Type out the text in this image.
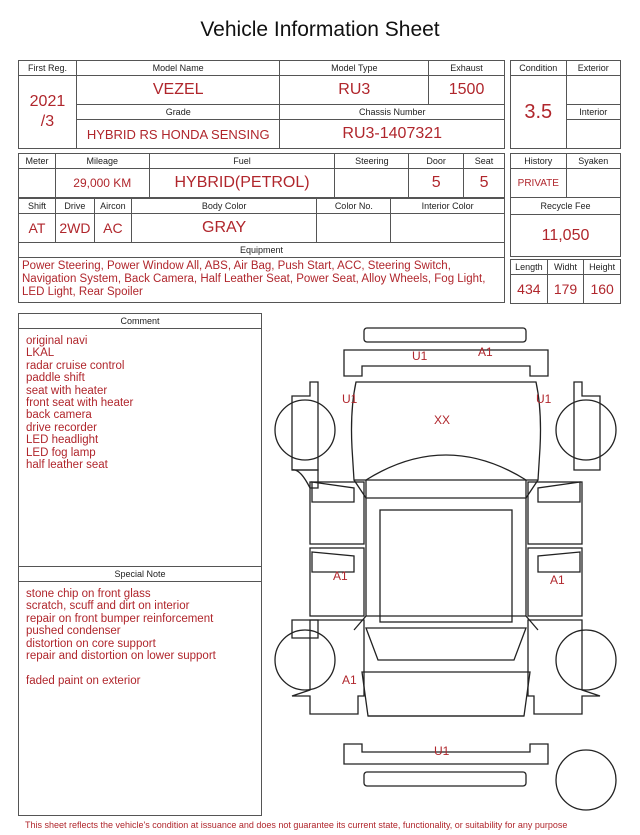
Vehicle Information Sheet
First Reg.	Model Name	Model Type	Exhaust

2021
/3	VEZEL	RU3	1500
	Grade	Chassis Number	
	HYBRID RS HONDA SENSING	RU3-1407321	
Condition	Exterior
3.5	
	Interior

Meter	Mileage	Fuel	Steering	Door	Seat
	29,000 KM	HYBRID(PETROL)		5	5
Shift	Drive	Aircon	Body Color	Color No.	Interior Color
AT	2WD	AC	GRAY		
Equipment					
Power Steering, Power Window All, ABS, Air Bag, Push Start, ACC, Steering Switch, Navigation System, Back Camera, Half Leather Seat, Power Seat, Alloy Wheels, Fog Light, LED Light, Rear Spoiler					
History	Syaken
PRIVATE	
Recycle Fee	
11,050	
Length	Widht	Height
434	179	160
Comment
original navi
LKAL
radar cruise control
paddle shift
seat with heater
front seat with heater
back camera
drive recorder
LED headlight
LED fog lamp
half leather seat
Special Note
stone chip on front glass
scratch, scuff and dirt on interior
repair on front bumper reinforcement
pushed condenser
distortion on core support
repair and distortion on lower support
faded paint on exterior
U1	A1
U1	U1
XX
A1	A1
A1
U1
This sheet reflects the vehicle's condition at issuance and does not guarantee its current state, functionality, or suitability for any purpose
